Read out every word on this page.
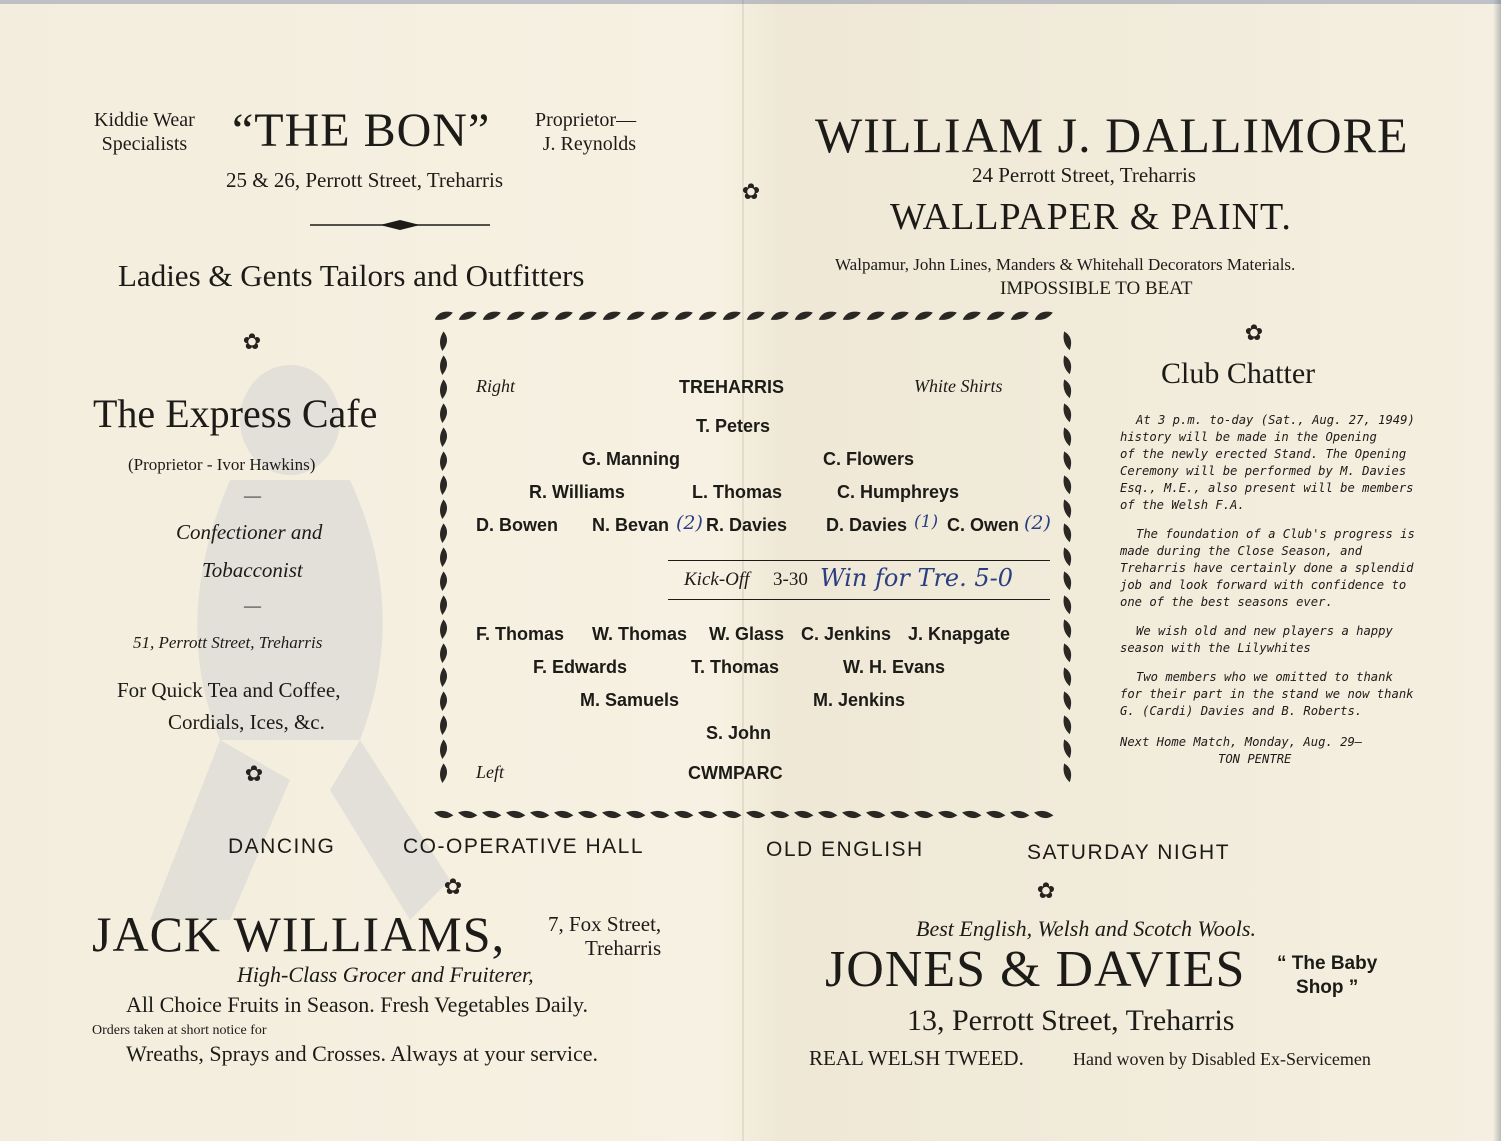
Kiddie Wear
Specialists “THE BON” Proprietor—
J. Reynolds
25 & 26, Perrott Street, Treharris
Ladies & Gents Tailors and Outfitters
WILLIAM J. DALLIMORE
24 Perrott Street, Treharris
WALLPAPER & PAINT.
Walpamur, John Lines, Manders & Whitehall Decorators Materials.
IMPOSSIBLE TO BEAT
✿
✿	✿
✿
✿	✿
The Express Cafe
(Proprietor - Ivor Hawkins)
—
Confectioner and
Tobacconist
—
51, Perrott Street, Treharris
For Quick Tea and Coffee,
Cordials, Ices, &c.
Right	TREHARRIS	White Shirts
T. Peters
G. Manning	C. Flowers
R. Williams	L. Thomas	C. Humphreys
D. Bowen N. Bevan (2) R. Davies D. Davies (1) C. Owen (2)
Kick-Off 3-30 Win for Tre. 5-0
F. Thomas W. Thomas W. Glass C. Jenkins J. Knapgate
F. Edwards	T. Thomas	W. H. Evans
M. Samuels	M. Jenkins
S. John
Left	CWMPARC
Club Chatter
At 3 p.m. to-day (Sat., Aug. 27, 1949)
history will be made in the Opening
of the newly erected Stand. The Opening
Ceremony will be performed by M. Davies
Esq., M.E., also present will be members
of the Welsh F.A.
The foundation of a Club's progress is
made during the Close Season, and
Treharris have certainly done a splendid
job and look forward with confidence to
one of the best seasons ever.
We wish old and new players a happy
season with the Lilywhites
Two members who we omitted to thank
for their part in the stand we now thank
G. (Cardi) Davies and B. Roberts.
Next Home Match, Monday, Aug. 29—
TON PENTRE
DANCING	CO-OPERATIVE HALL	OLD ENGLISH	SATURDAY NIGHT
JACK WILLIAMS, 7, Fox Street,
Treharris
High-Class Grocer and Fruiterer,
All Choice Fruits in Season. Fresh Vegetables Daily.
Orders taken at short notice for
Wreaths, Sprays and Crosses. Always at your service.
Best English, Welsh and Scotch Wools.
JONES & DAVIES “ The Baby
Shop ”
13, Perrott Street, Treharris
REAL WELSH TWEED.	Hand woven by Disabled Ex-Servicemen
